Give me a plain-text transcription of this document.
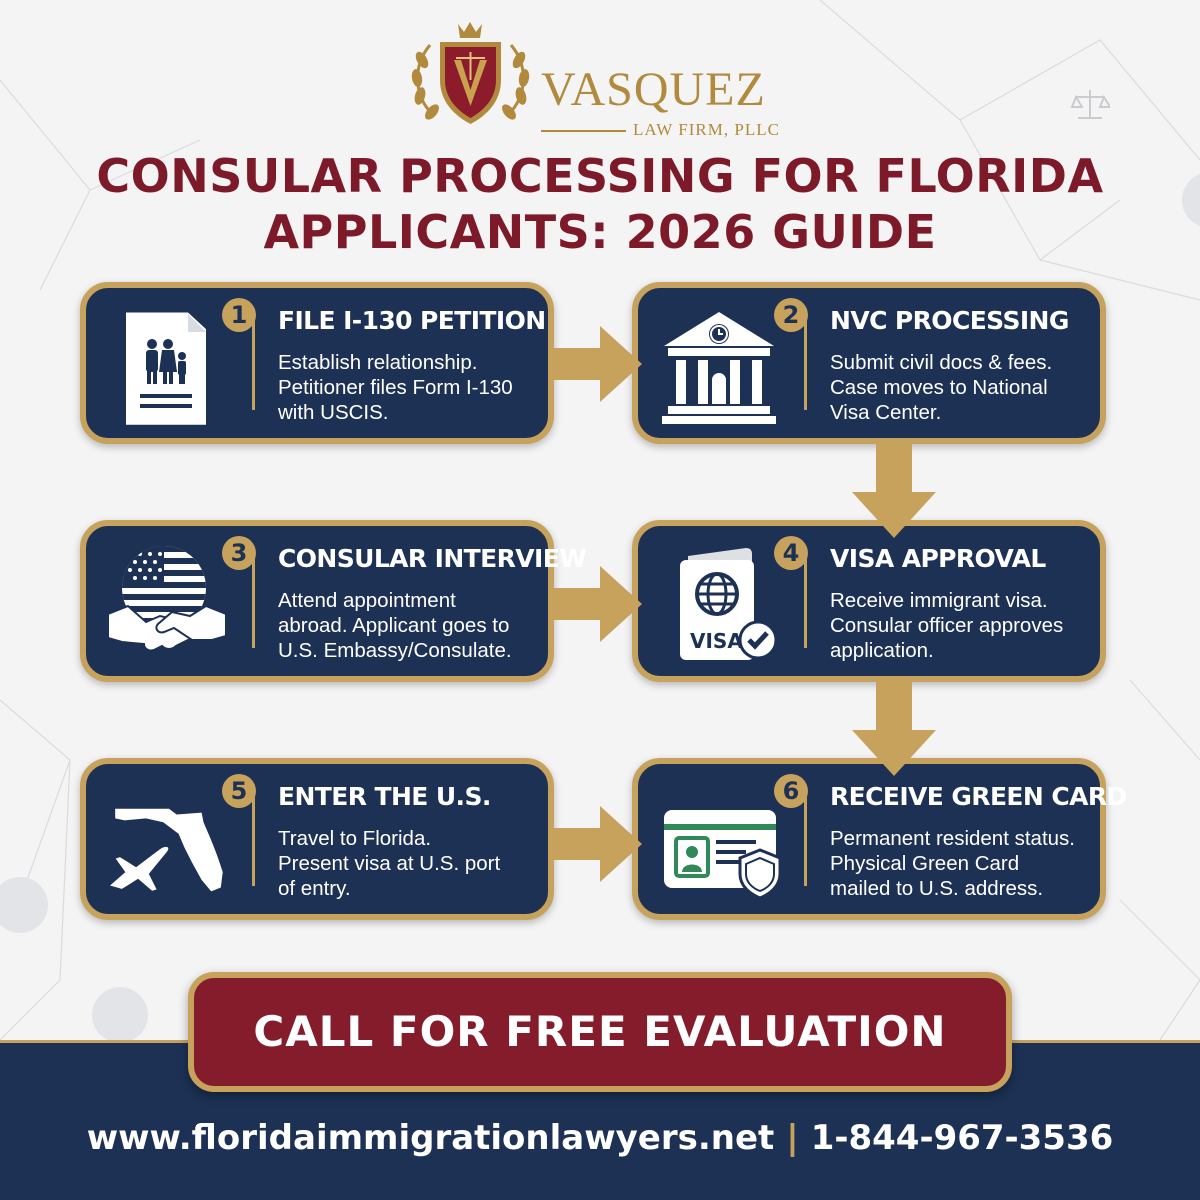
VASQUEZ
LAW FIRM, PLLC
CONSULAR PROCESSING FOR FLORIDA
APPLICANTS: 2026 GUIDE
1	FILE I-130 PETITION
Establish relationship.
Petitioner files Form I-130
with USCIS.
2	NVC PROCESSING
Submit civil docs & fees.
Case moves to National
Visa Center.
3	CONSULAR INTERVIEW
Attend appointment
abroad. Applicant goes to
U.S. Embassy/Consulate.	VISA
4	VISA APPROVAL
Receive immigrant visa.
Consular officer approves
application.
5	ENTER THE U.S.
Travel to Florida.
Present visa at U.S. port
of entry.
6	RECEIVE GREEN CARD
Permanent resident status.
Physical Green Card
mailed to U.S. address.
CALL FOR FREE EVALUATION
www.floridaimmigrationlawyers.net | 1-844-967-3536
